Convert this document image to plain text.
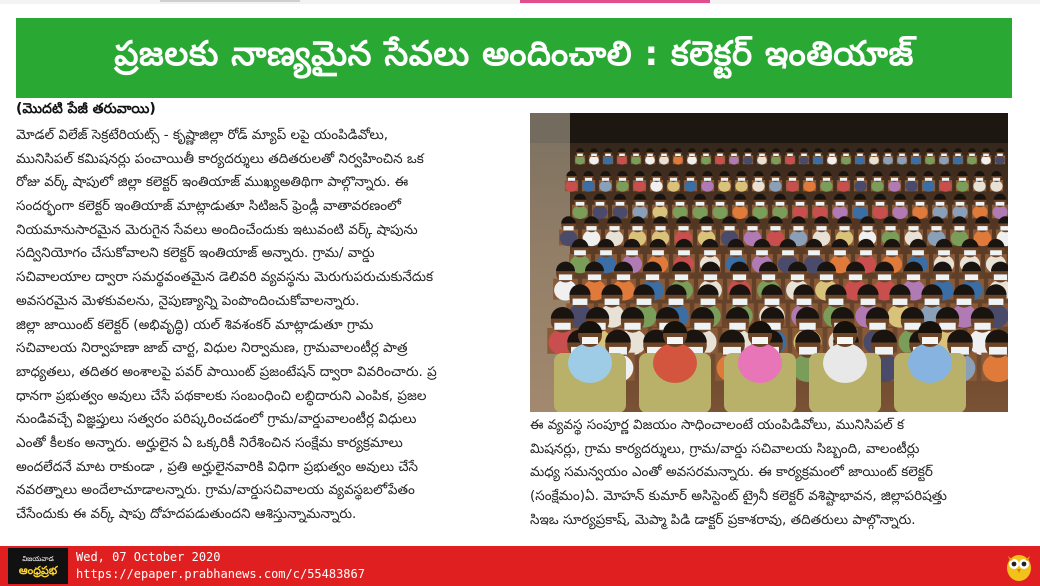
ప్రజలకు నాణ్యమైన సేవలు అందించాలి : కలెక్టర్ ఇంతియాజ్
(మొదటి పేజీ తరువాయి)
మోడల్ విలేజ్ సెక్రటేరియట్స్ - కృష్ణాజిల్లా రోడ్ మ్యాప్ లపై యంపిడివోలు,
మునిసిపల్ కమిషనర్లు పంచాయితీ కార్యదర్శులు తదితరులతో నిర్వహించిన ఒక
రోజు వర్క్ షాపులో జిల్లా కలెక్టర్ ఇంతియాజ్ ముఖ్యఅతిథిగా పాల్గొన్నారు. ఈ
సందర్భంగా కలెక్టర్ ఇంతియాజ్ మాట్లాడుతూ సిటిజన్ ఫ్రెండ్లీ వాతావరణంలో
నియమానుసారమైన మెరుగైన సేవలు అందించేందుకు ఇటువంటి వర్క్ షాపును
సద్వినియోగం చేసుకోవాలని కలెక్టర్ ఇంతియాజ్ అన్నారు. గ్రామ/ వార్డు
సచివాలయాల ద్వారా సమర్థవంతమైన డెలివరి వ్యవస్థను మెరుగుపరుచుకునేదుక
అవసరమైన మెళకువలను, నైపుణ్యాన్ని పెంపొందించుకోవాలన్నారు.
జిల్లా జాయింట్ కలెక్టర్ (అభివృద్ధి) యల్ శివశంకర్ మాట్లాడుతూ గ్రామ
సచివాలయ నిర్వాహణా జాబ్ చార్ట, విధుల నిర్వామణ, గ్రామవాలంటీర్ల పాత్ర
బాధ్యతలు, తదితర అంశాలపై పవర్ పాయింట్ ప్రజంటేషన్ ద్వారా వివరించారు. ప్ర
ధానగా ప్రభుత్వం అవులు చేసే పథకాలకు సంబంధించి లబ్ధిదారుని ఎంపిక, ప్రజల
నుండివచ్చే విజ్ఞప్తులు సత్వరం పరిష్కరించడంలో గ్రామ/వార్డువాలంటీర్ల విధులు
ఎంతో కీలకం అన్నారు. అర్హులైన ఏ ఒక్కరికీ నిరేశించిన సంక్షేమ కార్యక్రమాలు
అందలేదనే మాట రాకుండా , ప్రతి అర్హులైనవారికి విధిగా ప్రభుత్వం అవులు చేసే
నవరత్నాలు అందేలాచూడాలన్నారు. గ్రామ/వార్డుసచివాలయ వ్యవస్థబలోపేతం
చేసేందుకు ఈ వర్క్ షాపు దోహదపడుతుందని ఆశిస్తున్నామన్నారు.
ఈ వ్యవస్థ సంపూర్ణ విజయం సాధించాలంటే యంపిడివోలు, మునిసిపల్ క
మిషనర్లు, గ్రామ కార్యదర్శులు, గ్రామ/వార్డు సచివాలయ సిబ్బంది, వాలంటీర్లు
మధ్య సమన్వయం ఎంతో అవసరమన్నారు. ఈ కార్యక్రమంలో జాయింట్ కలెక్టర్
(సంక్షేమం)ఏ. మోహన్ కుమార్ అసిస్టెంట్ ట్రైనీ కలెక్టర్ వశిష్టాభావన, జిల్లాపరిషత్తు
సిఇఒ సూర్యప్రకాష్, మెప్మా పిడి డాక్టర్ ప్రకాశరావు, తదితరులు పాల్గొన్నారు.
విజయవాడ
ఆంధ్రప్రభ
Wed, 07 October 2020
https://epaper.prabhanews.com/c/55483867
